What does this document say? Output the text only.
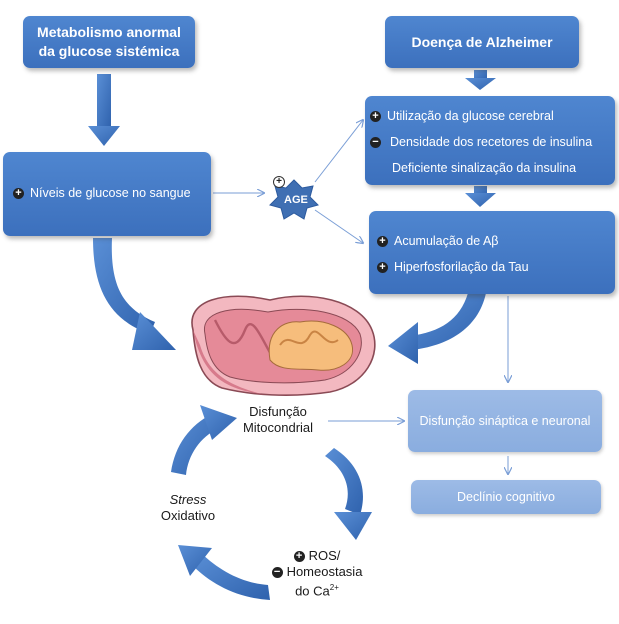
Metabolismo anormal
da glucose sistémica
Doença de Alzheimer
+ Níveis de glucose no sangue
+ Utilização da glucose cerebral
− Densidade dos recetores de insulina
Deficiente sinalização da insulina
+ Acumulação de Aβ
+ Hiperfosforilação da Tau
Disfunção sináptica e neuronal
Declínio cognitivo
+
AGE
Disfunção
Mitocondrial
Stress
Oxidativo
+ ROS/
− Homeostasia
do $Ca^{2+}$
